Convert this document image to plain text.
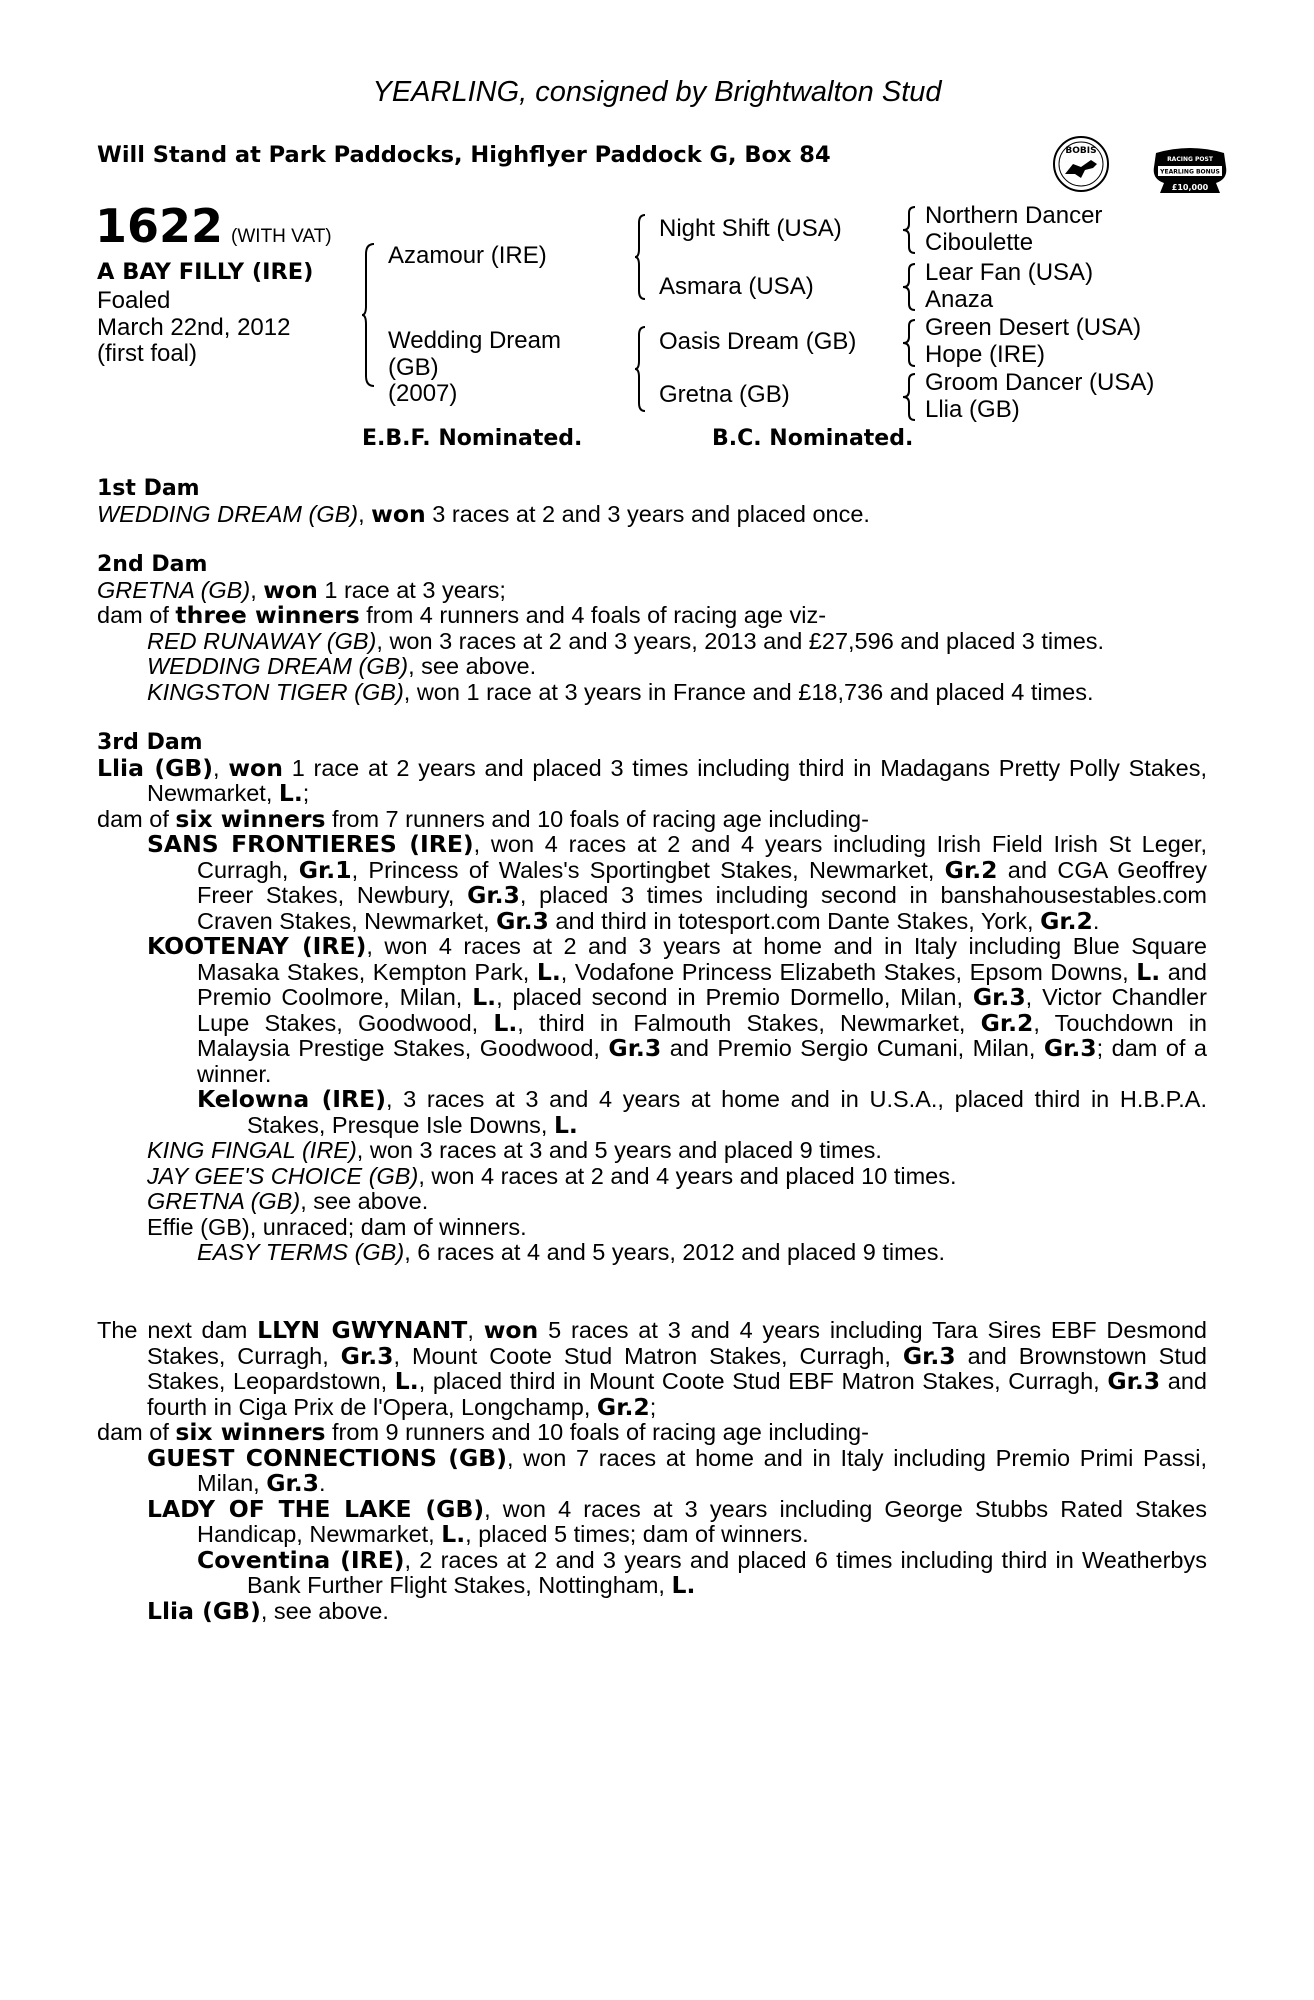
YEARLING, consigned by Brightwalton Stud
Will Stand at Park Paddocks, Highflyer Paddock G, Box 84	BOBIS
RACING POST
YEARLING BONUS
£10,000
1622 (WITH VAT)
A BAY FILLY (IRE)
Foaled
March 22nd, 2012
(first foal)
Azamour (IRE)
Wedding Dream
(GB)
(2007)
Night Shift (USA)
Asmara (USA)
Oasis Dream (GB)
Gretna (GB)
Northern Dancer
Ciboulette
Lear Fan (USA)
Anaza
Green Desert (USA)
Hope (IRE)
Groom Dancer (USA)
Llia (GB)
E.B.F. Nominated.	B.C. Nominated.
1st Dam
WEDDING DREAM (GB), won 3 races at 2 and 3 years and placed once.
2nd Dam
GRETNA (GB), won 1 race at 3 years;
dam of three winners from 4 runners and 4 foals of racing age viz-
RED RUNAWAY (GB), won 3 races at 2 and 3 years, 2013 and £27,596 and placed 3 times.
WEDDING DREAM (GB), see above.
KINGSTON TIGER (GB), won 1 race at 3 years in France and £18,736 and placed 4 times.
3rd Dam
Llia (GB), won 1 race at 2 years and placed 3 times including third in Madagans Pretty Polly Stakes, Newmarket, L.;
dam of six winners from 7 runners and 10 foals of racing age including-
SANS FRONTIERES (IRE), won 4 races at 2 and 4 years including Irish Field Irish St Leger, Curragh, Gr.1, Princess of Wales's Sportingbet Stakes, Newmarket, Gr.2 and CGA Geoffrey Freer Stakes, Newbury, Gr.3, placed 3 times including second in banshahousestables.com Craven Stakes, Newmarket, Gr.3 and third in totesport.com Dante Stakes, York, Gr.2.
KOOTENAY (IRE), won 4 races at 2 and 3 years at home and in Italy including Blue Square Masaka Stakes, Kempton Park, L., Vodafone Princess Elizabeth Stakes, Epsom Downs, L. and Premio Coolmore, Milan, L., placed second in Premio Dormello, Milan, Gr.3, Victor Chandler Lupe Stakes, Goodwood, L., third in Falmouth Stakes, Newmarket, Gr.2, Touchdown in Malaysia Prestige Stakes, Goodwood, Gr.3 and Premio Sergio Cumani, Milan, Gr.3; dam of a winner.
Kelowna (IRE), 3 races at 3 and 4 years at home and in U.S.A., placed third in H.B.P.A. Stakes, Presque Isle Downs, L.
KING FINGAL (IRE), won 3 races at 3 and 5 years and placed 9 times.
JAY GEE'S CHOICE (GB), won 4 races at 2 and 4 years and placed 10 times.
GRETNA (GB), see above.
Effie (GB), unraced; dam of winners.
EASY TERMS (GB), 6 races at 4 and 5 years, 2012 and placed 9 times.
The next dam LLYN GWYNANT, won 5 races at 3 and 4 years including Tara Sires EBF Desmond Stakes, Curragh, Gr.3, Mount Coote Stud Matron Stakes, Curragh, Gr.3 and Brownstown Stud Stakes, Leopardstown, L., placed third in Mount Coote Stud EBF Matron Stakes, Curragh, Gr.3 and fourth in Ciga Prix de l'Opera, Longchamp, Gr.2;
dam of six winners from 9 runners and 10 foals of racing age including-
GUEST CONNECTIONS (GB), won 7 races at home and in Italy including Premio Primi Passi, Milan, Gr.3.
LADY OF THE LAKE (GB), won 4 races at 3 years including George Stubbs Rated Stakes Handicap, Newmarket, L., placed 5 times; dam of winners.
Coventina (IRE), 2 races at 2 and 3 years and placed 6 times including third in Weatherbys Bank Further Flight Stakes, Nottingham, L.
Llia (GB), see above.
